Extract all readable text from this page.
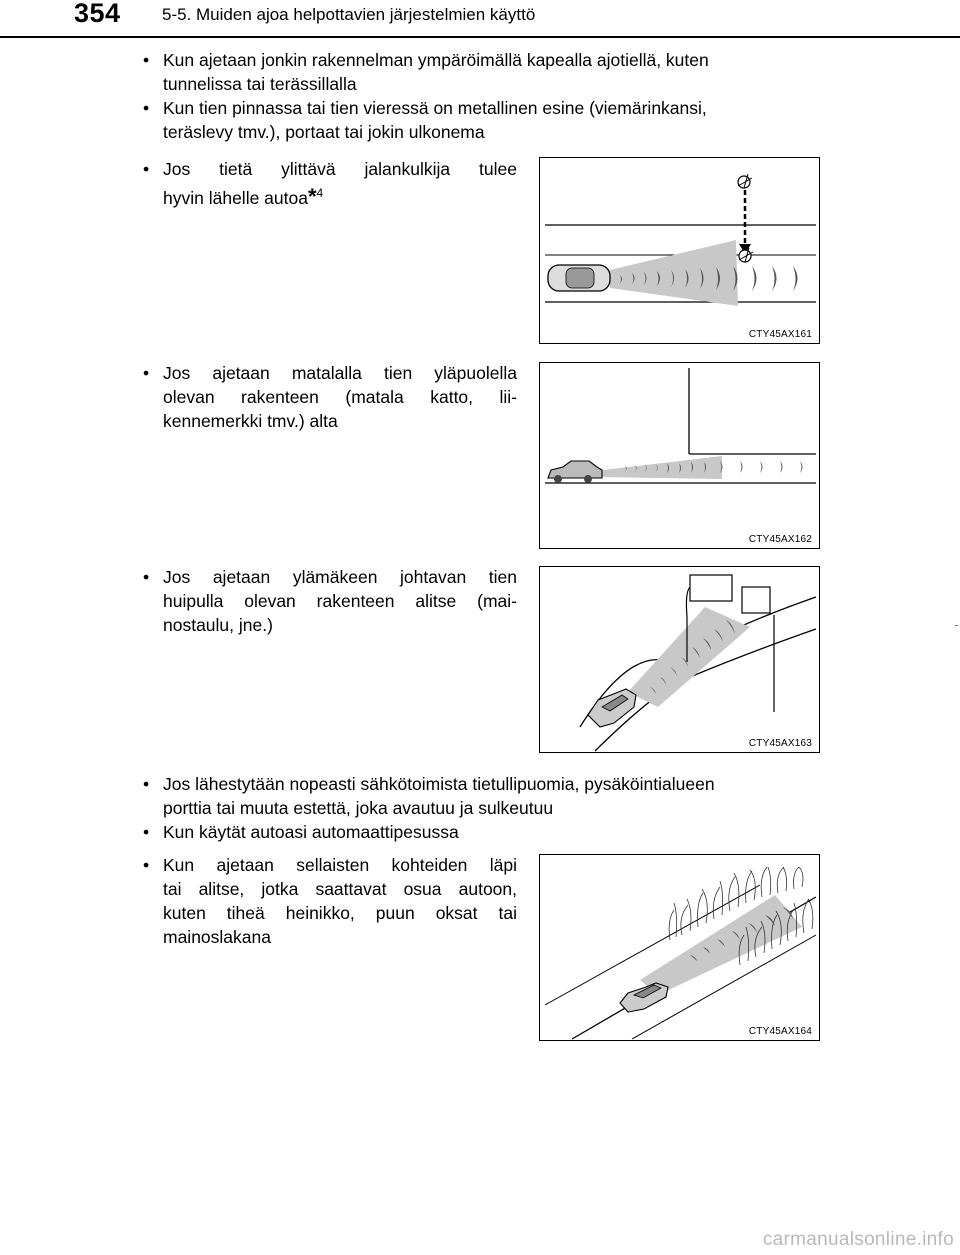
354 5-5. Muiden ajoa helpottavien järjestelmien käyttö
• Kun ajetaan jonkin rakennelman ympäröimällä kapealla ajotiellä, kuten
tunnelissa tai terässillalla
• Kun tien pinnassa tai tien vieressä on metallinen esine (viemärinkansi,
teräslevy tmv.), portaat tai jokin ulkonema
• Jos tietä ylittävä jalankulkija tulee
hyvin lähelle autoa*$^4$
CTY45AX161
• Jos ajetaan matalalla tien yläpuolella
olevan rakenteen (matala katto, lii-
kennemerkki tmv.) alta
CTY45AX162
• Jos ajetaan ylämäkeen johtavan tien
huipulla olevan rakenteen alitse (mai-
nostaulu, jne.)
CTY45AX163
• Jos lähestytään nopeasti sähkötoimista tietullipuomia, pysäköintialueen
porttia tai muuta estettä, joka avautuu ja sulkeutuu
• Kun käytät autoasi automaattipesussa
• Kun ajetaan sellaisten kohteiden läpi
tai alitse, jotka saattavat osua autoon,
kuten tiheä heinikko, puun oksat tai
mainoslakana
CTY45AX164
carmanualsonline.info
